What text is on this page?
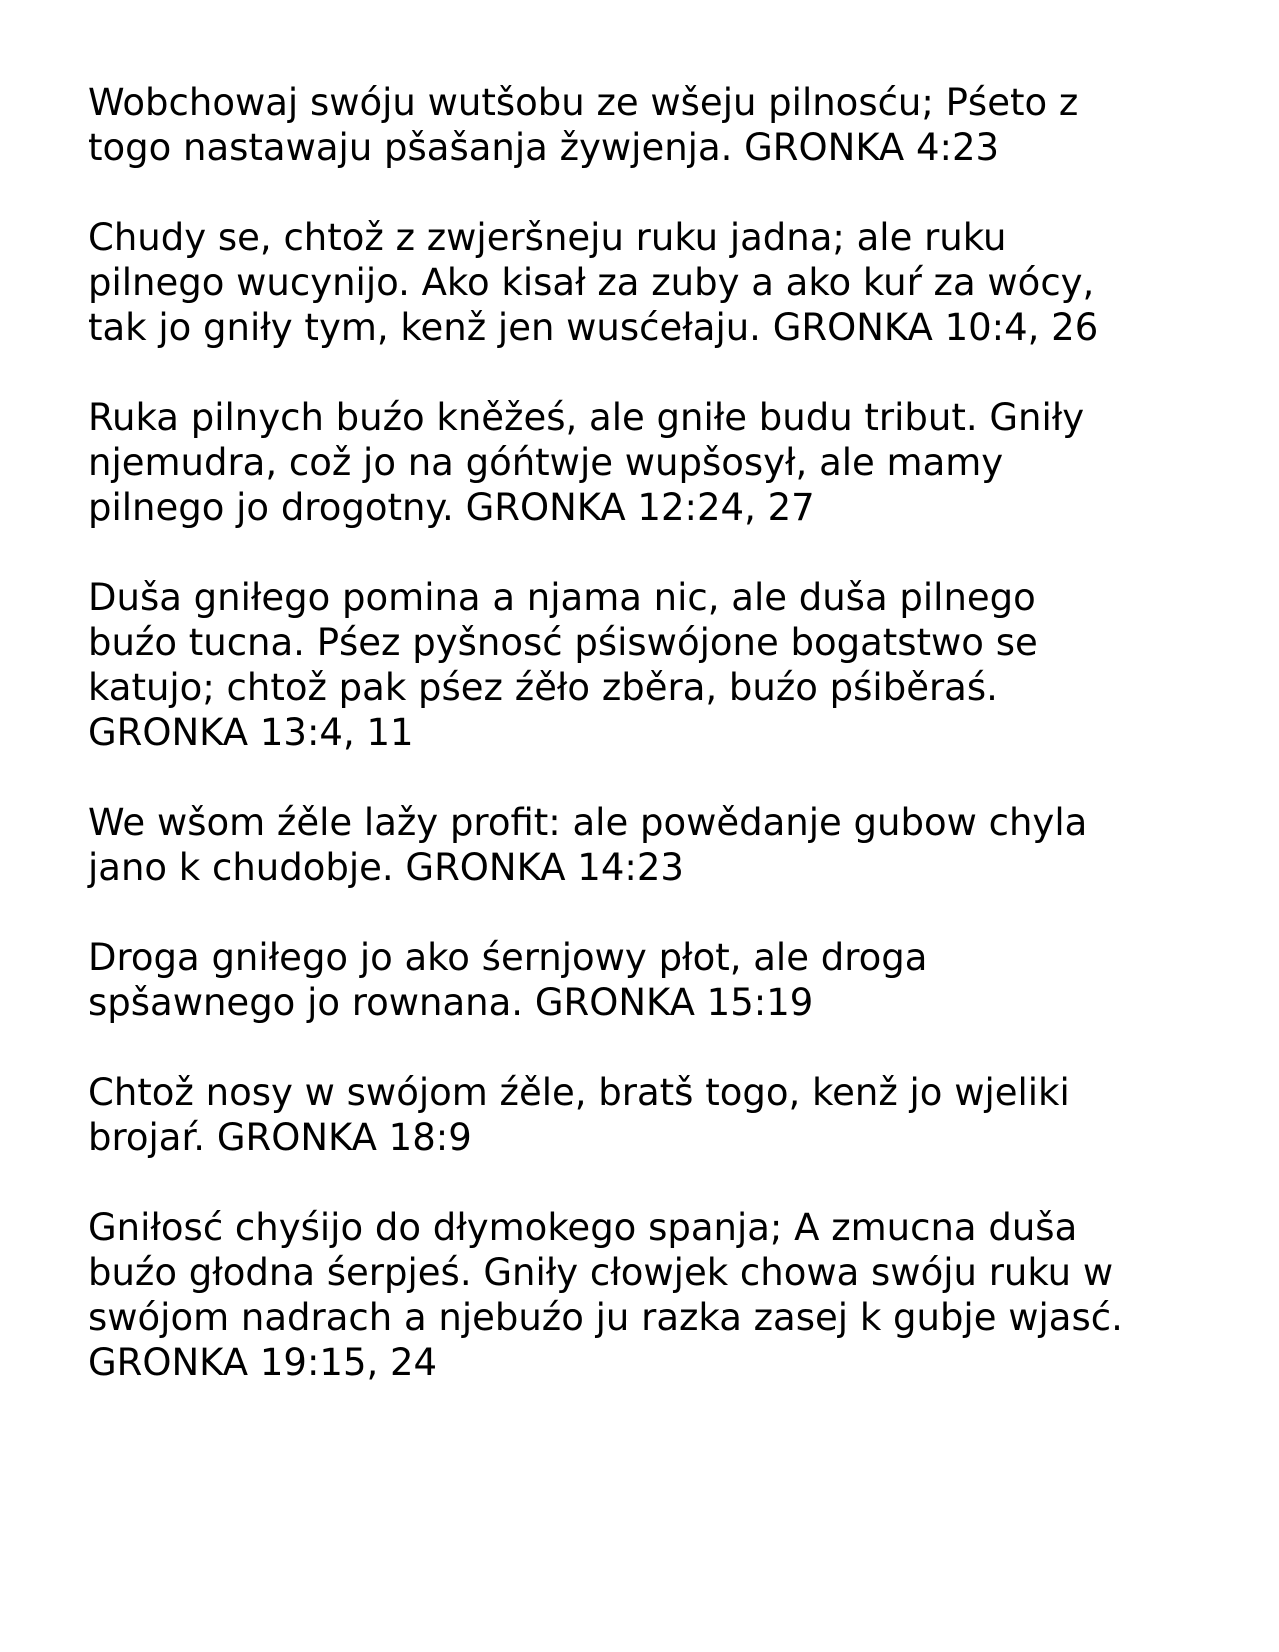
Wobchowaj swóju wutšobu ze wšeju pilnosću; Pśeto z
togo nastawaju pšašanja žywjenja. GRONKA 4:23

Chudy se, chtož z zwjeršneju ruku jadna; ale ruku
pilnego wucynijo. Ako kisał za zuby a ako kuŕ za wócy,
tak jo gniły tym, kenž jen wusćełaju. GRONKA 10:4, 26

Ruka pilnych buźo kněžeś, ale gniłe budu tribut. Gniły
njemudra, což jo na góńtwje wupšosył, ale mamy
pilnego jo drogotny. GRONKA 12:24, 27

Duša gniłego pomina a njama nic, ale duša pilnego
buźo tucna. Pśez pyšnosć pśiswójone bogatstwo se
katujo; chtož pak pśez źěło zběra, buźo pśiběraś.
GRONKA 13:4, 11

We wšom źěle lažy profit: ale powědanje gubow chyla
jano k chudobje. GRONKA 14:23

Droga gniłego jo ako śernjowy płot, ale droga
spšawnego jo rownana. GRONKA 15:19

Chtož nosy w swójom źěle, bratš togo, kenž jo wjeliki
brojaŕ. GRONKA 18:9

Gniłosć chyśijo do dłymokego spanja; A zmucna duša
buźo głodna śerpjeś. Gniły cłowjek chowa swóju ruku w
swójom nadrach a njebuźo ju razka zasej k gubje wjasć.
GRONKA 19:15, 24
